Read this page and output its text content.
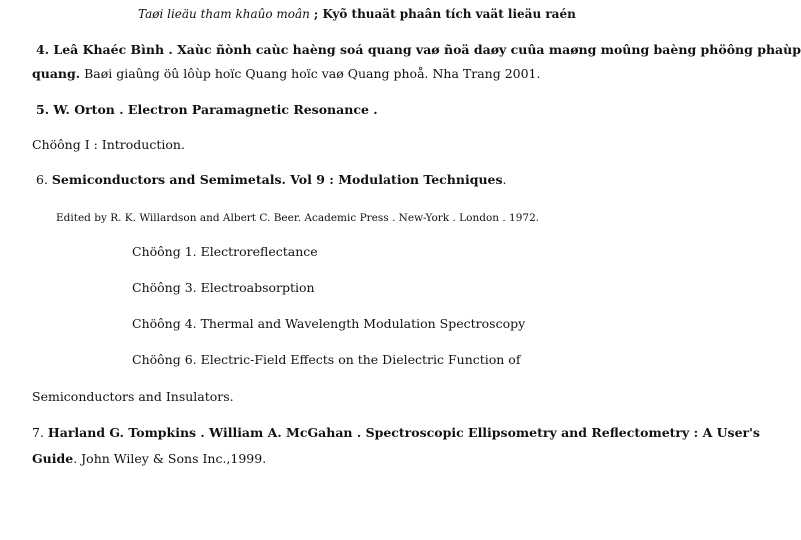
Taøi lieäu tham khaûo moân ; Kyõ thuaät phaân tích vaät lieäu raén
4. Leâ Khaéc Bình . Xaùc ñònh caùc haèng soá quang vaø ñoä daøy cuûa maøng moûng baèng phöông phaùp
quang. Baøi giaûng öû lôùp hoïc Quang hoïc vaø Quang phoå. Nha Trang 2001.
5. W. Orton . Electron Paramagnetic Resonance .
Chöông I : Introduction.
6. Semiconductors and Semimetals. Vol 9 : Modulation Techniques.
Edited by R. K. Willardson and Albert C. Beer. Academic Press . New-York . London . 1972.
Chöông 1. Electroreflectance
Chöông 3. Electroabsorption
Chöông 4. Thermal and Wavelength Modulation Spectroscopy
Chöông 6. Electric-Field Effects on the Dielectric Function of
Semiconductors and Insulators.
7. Harland G. Tompkins . William A. McGahan . Spectroscopic Ellipsometry and Reflectometry : A User's
Guide. John Wiley & Sons Inc.,1999.
